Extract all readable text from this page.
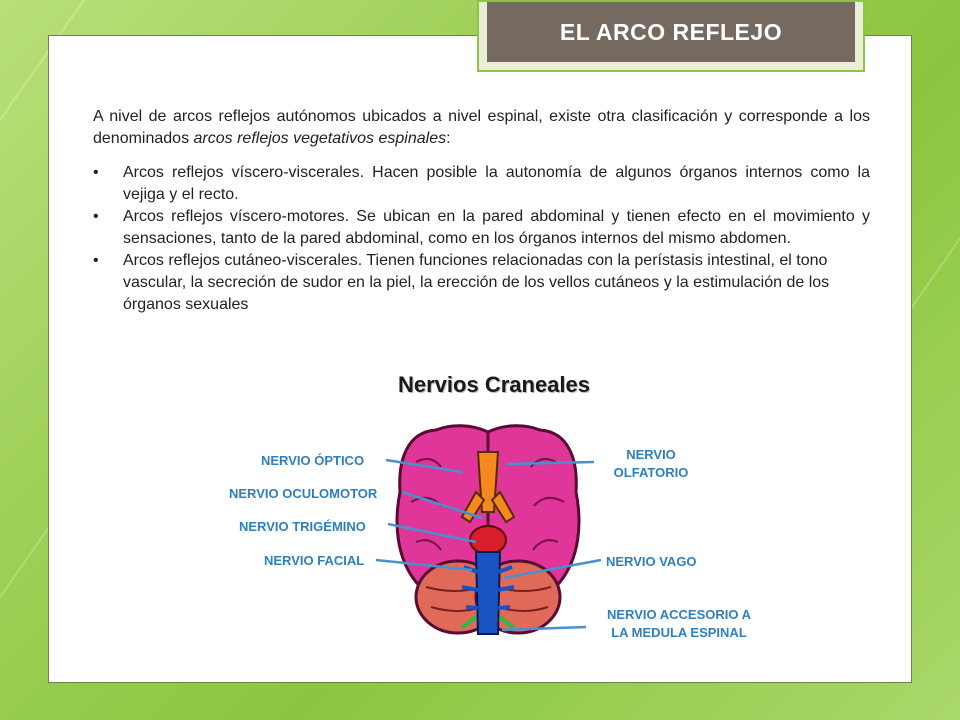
EL ARCO REFLEJO

A nivel de arcos reflejos autónomos ubicados a nivel espinal, existe otra clasificación y corresponde a los denominados arcos reflejos vegetativos espinales:

• Arcos reflejos víscero-viscerales. Hacen posible la autonomía de algunos órganos internos como la vejiga y el recto.
• Arcos reflejos víscero-motores. Se ubican en la pared abdominal y tienen efecto en el movimiento y sensaciones, tanto de la pared abdominal, como en los órganos internos del mismo abdomen.
• Arcos reflejos cutáneo-viscerales. Tienen funciones relacionadas con la perístasis intestinal, el tono vascular, la secreción de sudor en la piel, la erección de los vellos cutáneos y la estimulación de los órganos sexuales
Nervios Craneales
NERVIO ÓPTICO
NERVIO OCULOMOTOR
NERVIO TRIGÉMINO
NERVIO FACIAL
NERVIO
OLFATORIO
NERVIO VAGO
NERVIO ACCESORIO A
LA MEDULA ESPINAL
